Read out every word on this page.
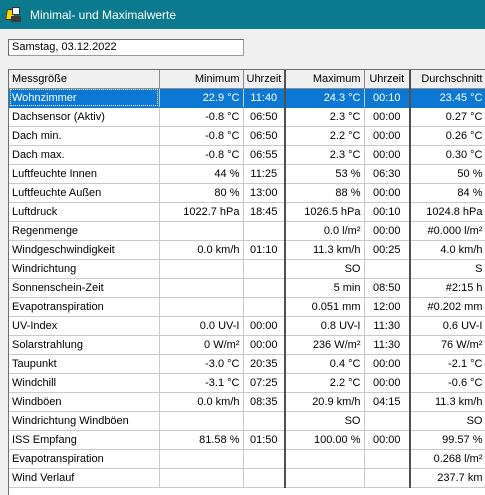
Minimal- und Maximalwerte
Samstag, 03.12.2022
Messgröße	Minimum	Uhrzeit	Maximum	Uhrzeit	Durchschnitt
Wohnzimmer	22.9 °C	11:40	24.3 °C	00:10	23.45 °C
Dachsensor (Aktiv)	-0.8 °C	06:50	2.3 °C	00:00	0.27 °C
Dach min.	-0.8 °C	06:50	2.2 °C	00:00	0.26 °C
Dach max.	-0.8 °C	06:55	2.3 °C	00:00	0.30 °C
Luftfeuchte Innen	44 %	11:25	53 %	06:30	50 %
Luftfeuchte Außen	80 %	13:00	88 %	00:00	84 %
Luftdruck	1022.7 hPa	18:45	1026.5 hPa	00:10	1024.8 hPa
Regenmenge			0.0 l/m²	00:00	#0.000 l/m²
Windgeschwindigkeit	0.0 km/h	01:10	11.3 km/h	00:25	4.0 km/h
Windrichtung			SO		S
Sonnenschein-Zeit			5 min	08:50	#2:15 h
Evapotranspiration			0.051 mm	12:00	#0.202 mm
UV-Index	0.0 UV-I	00:00	0.8 UV-I	11:30	0.6 UV-I
Solarstrahlung	0 W/m²	00:00	236 W/m²	11:30	76 W/m²
Taupunkt	-3.0 °C	20:35	0.4 °C	00:00	-2.1 °C
Windchill	-3.1 °C	07:25	2.2 °C	00:00	-0.6 °C
Windböen	0.0 km/h	08:35	20.9 km/h	04:15	11.3 km/h
Windrichtung Windböen			SO		SO
ISS Empfang	81.58 %	01:50	100.00 %	00:00	99.57 %
Evapotranspiration					0.268 l/m²
Wind Verlauf					237.7 km
